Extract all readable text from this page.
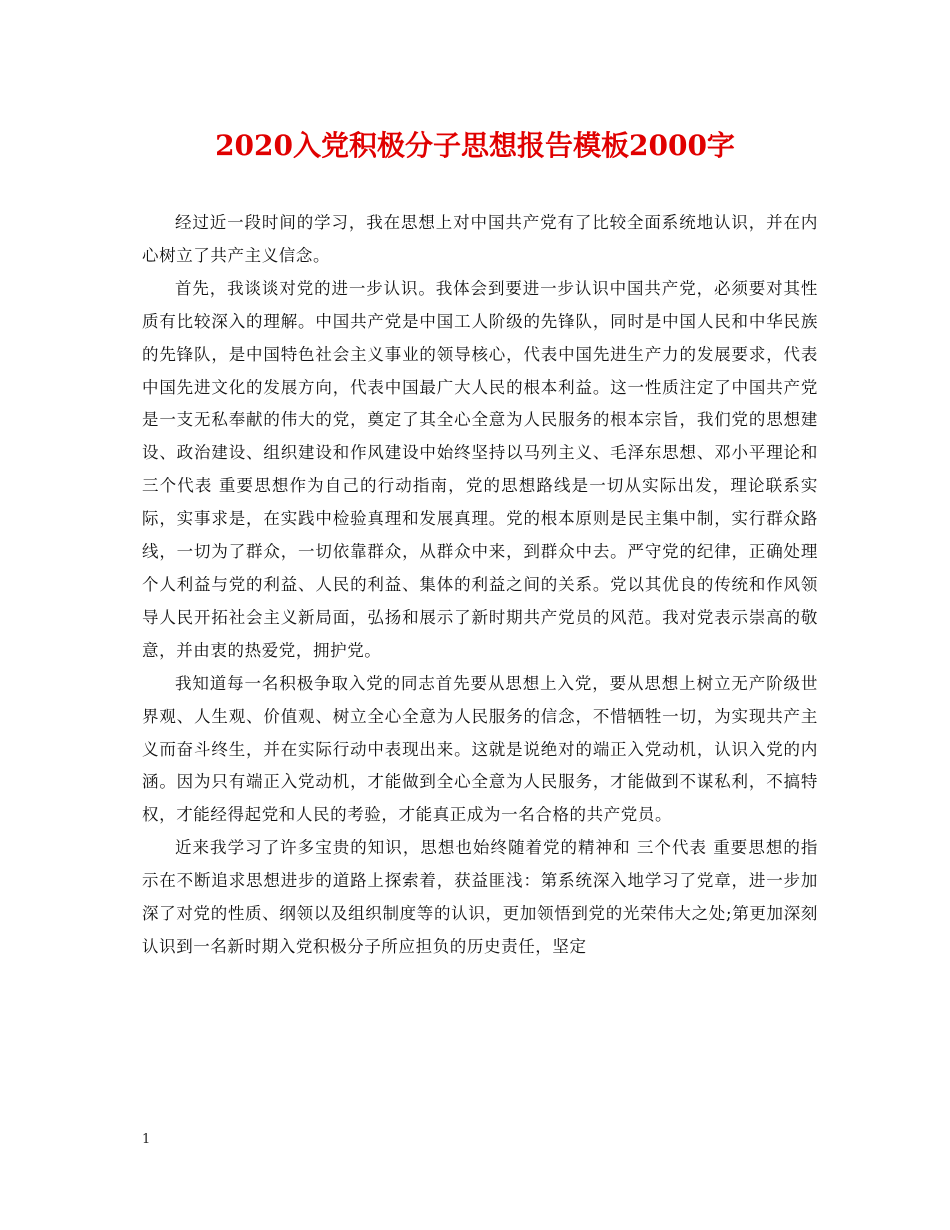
2020入党积极分子思想报告模板2000字

经过近一段时间的学习，我在思想上对中国共产党有了比较全面系统地认识，并在内心树立了共产主义信念。

首先，我谈谈对党的进一步认识。我体会到要进一步认识中国共产党，必须要对其性质有比较深入的理解。中国共产党是中国工人阶级的先锋队，同时是中国人民和中华民族的先锋队，是中国特色社会主义事业的领导核心，代表中国先进生产力的发展要求，代表中国先进文化的发展方向，代表中国最广大人民的根本利益。这一性质注定了中国共产党是一支无私奉献的伟大的党，奠定了其全心全意为人民服务的根本宗旨，我们党的思想建设、政治建设、组织建设和作风建设中始终坚持以马列主义、毛泽东思想、邓小平理论和 三个代表 重要思想作为自己的行动指南，党的思想路线是一切从实际出发，理论联系实际，实事求是，在实践中检验真理和发展真理。党的根本原则是民主集中制，实行群众路线，一切为了群众，一切依靠群众，从群众中来，到群众中去。严守党的纪律，正确处理个人利益与党的利益、人民的利益、集体的利益之间的关系。党以其优良的传统和作风领导人民开拓社会主义新局面，弘扬和展示了新时期共产党员的风范。我对党表示崇高的敬意，并由衷的热爱党，拥护党。

我知道每一名积极争取入党的同志首先要从思想上入党，要从思想上树立无产阶级世界观、人生观、价值观、树立全心全意为人民服务的信念，不惜牺牲一切，为实现共产主义而奋斗终生，并在实际行动中表现出来。这就是说绝对的端正入党动机，认识入党的内涵。因为只有端正入党动机，才能做到全心全意为人民服务，才能做到不谋私利，不搞特权，才能经得起党和人民的考验，才能真正成为一名合格的共产党员。

近来我学习了许多宝贵的知识，思想也始终随着党的精神和 三个代表 重要思想的指示在不断追求思想进步的道路上探索着，获益匪浅：第系统深入地学习了党章，进一步加深了对党的性质、纲领以及组织制度等的认识，更加领悟到党的光荣伟大之处;第更加深刻认识到一名新时期入党积极分子所应担负的历史责任，坚定

1
